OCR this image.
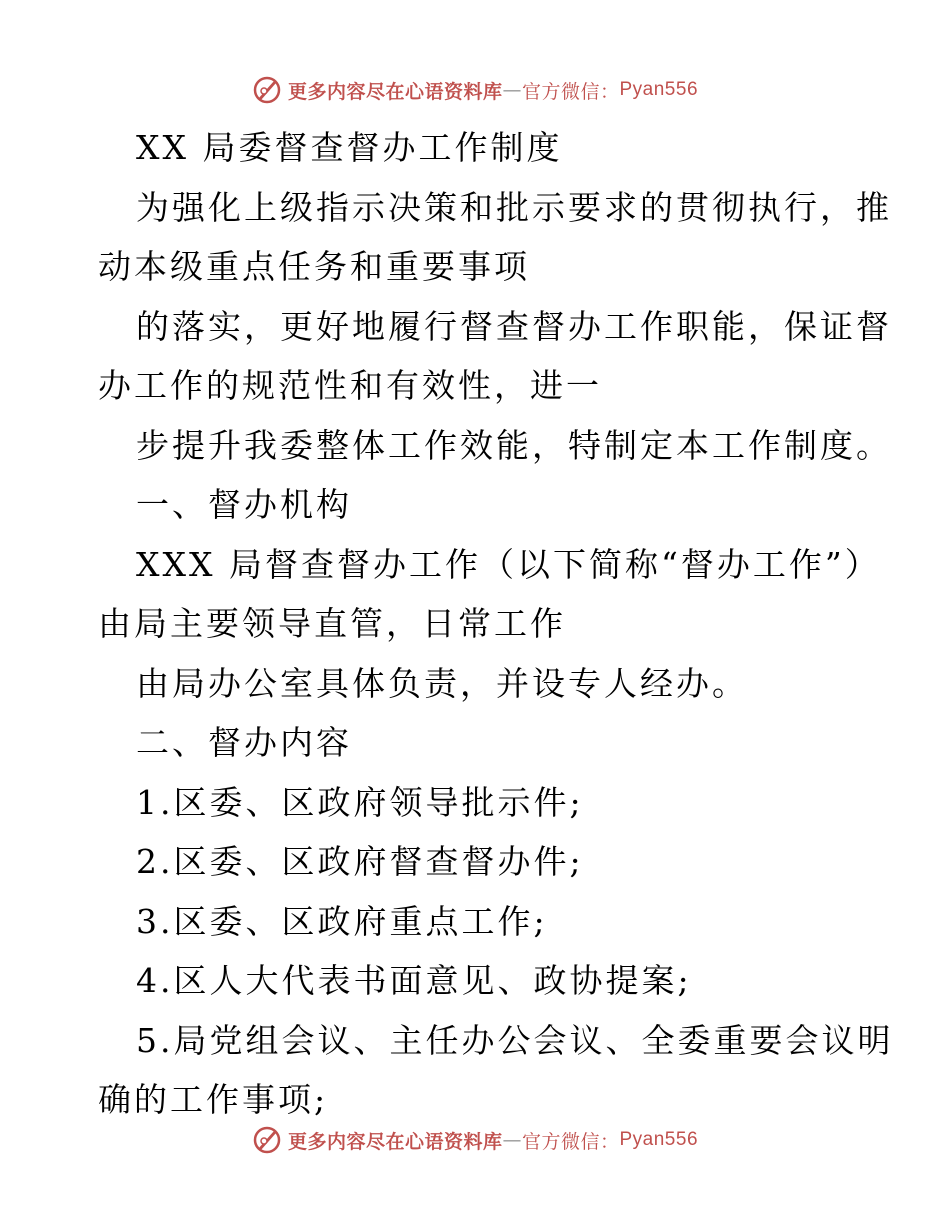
更多内容尽在心语资料库 — 官方微信： Pyan556
XX 局委督查督办工作制度
为强化上级指示决策和批示要求的贯彻执行，推
动本级重点任务和重要事项
的落实，更好地履行督查督办工作职能，保证督
办工作的规范性和有效性，进一
步提升我委整体工作效能，特制定本工作制度。
一、督办机构
XXX 局督查督办工作（以下简称“督办工作”）
由局主要领导直管，日常工作
由局办公室具体负责，并设专人经办。
二、督办内容
1.区委、区政府领导批示件;
2.区委、区政府督查督办件;
3.区委、区政府重点工作;
4.区人大代表书面意见、政协提案;
5.局党组会议、主任办公会议、全委重要会议明
确的工作事项;
更多内容尽在心语资料库 — 官方微信： Pyan556
